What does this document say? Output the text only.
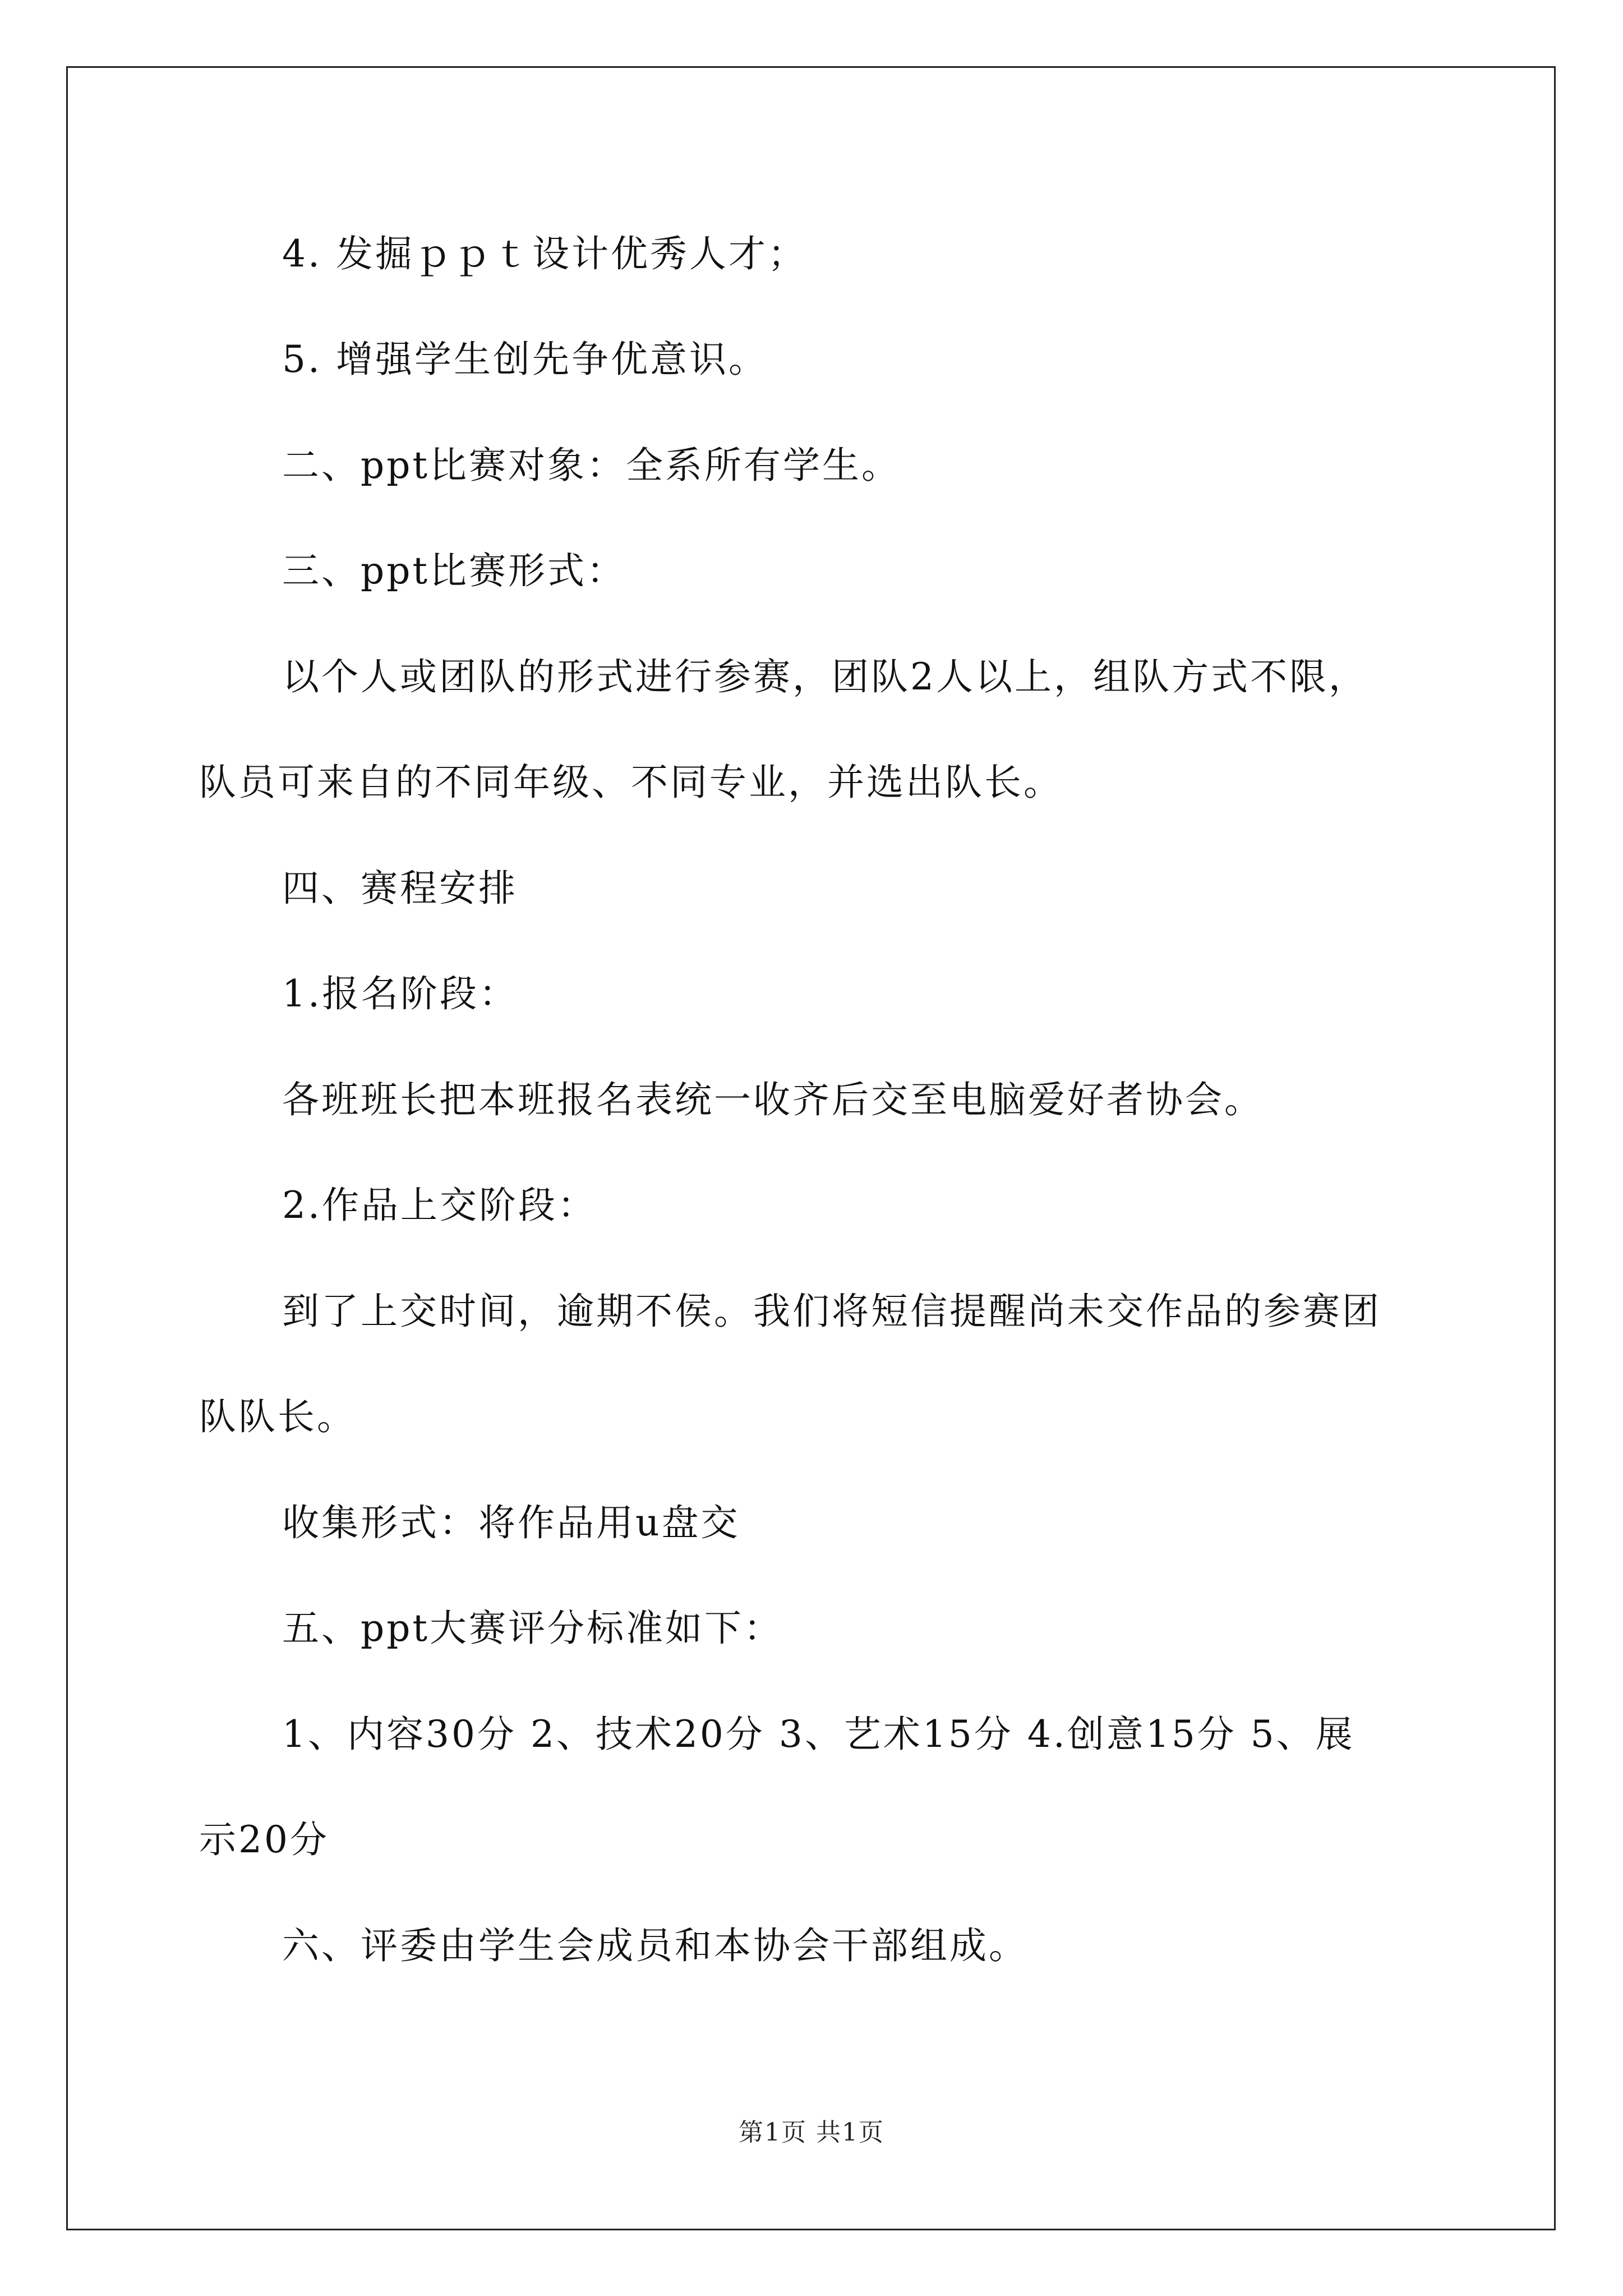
4. 发掘ｐｐｔ设计优秀人才；
5. 增强学生创先争优意识。
二、ppt比赛对象：全系所有学生。
三、ppt比赛形式：
以个人或团队的形式进行参赛，团队2人以上，组队方式不限，
队员可来自的不同年级、不同专业，并选出队长。
四、赛程安排
1.报名阶段：
各班班长把本班报名表统一收齐后交至电脑爱好者协会。
2.作品上交阶段：
到了上交时间，逾期不侯。我们将短信提醒尚未交作品的参赛团
队队长。
收集形式：将作品用u盘交
五、ppt大赛评分标准如下：
1、内容30分 2、技术20分 3、艺术15分 4.创意15分 5、展
示20分
六、评委由学生会成员和本协会干部组成。
第1页 共1页
